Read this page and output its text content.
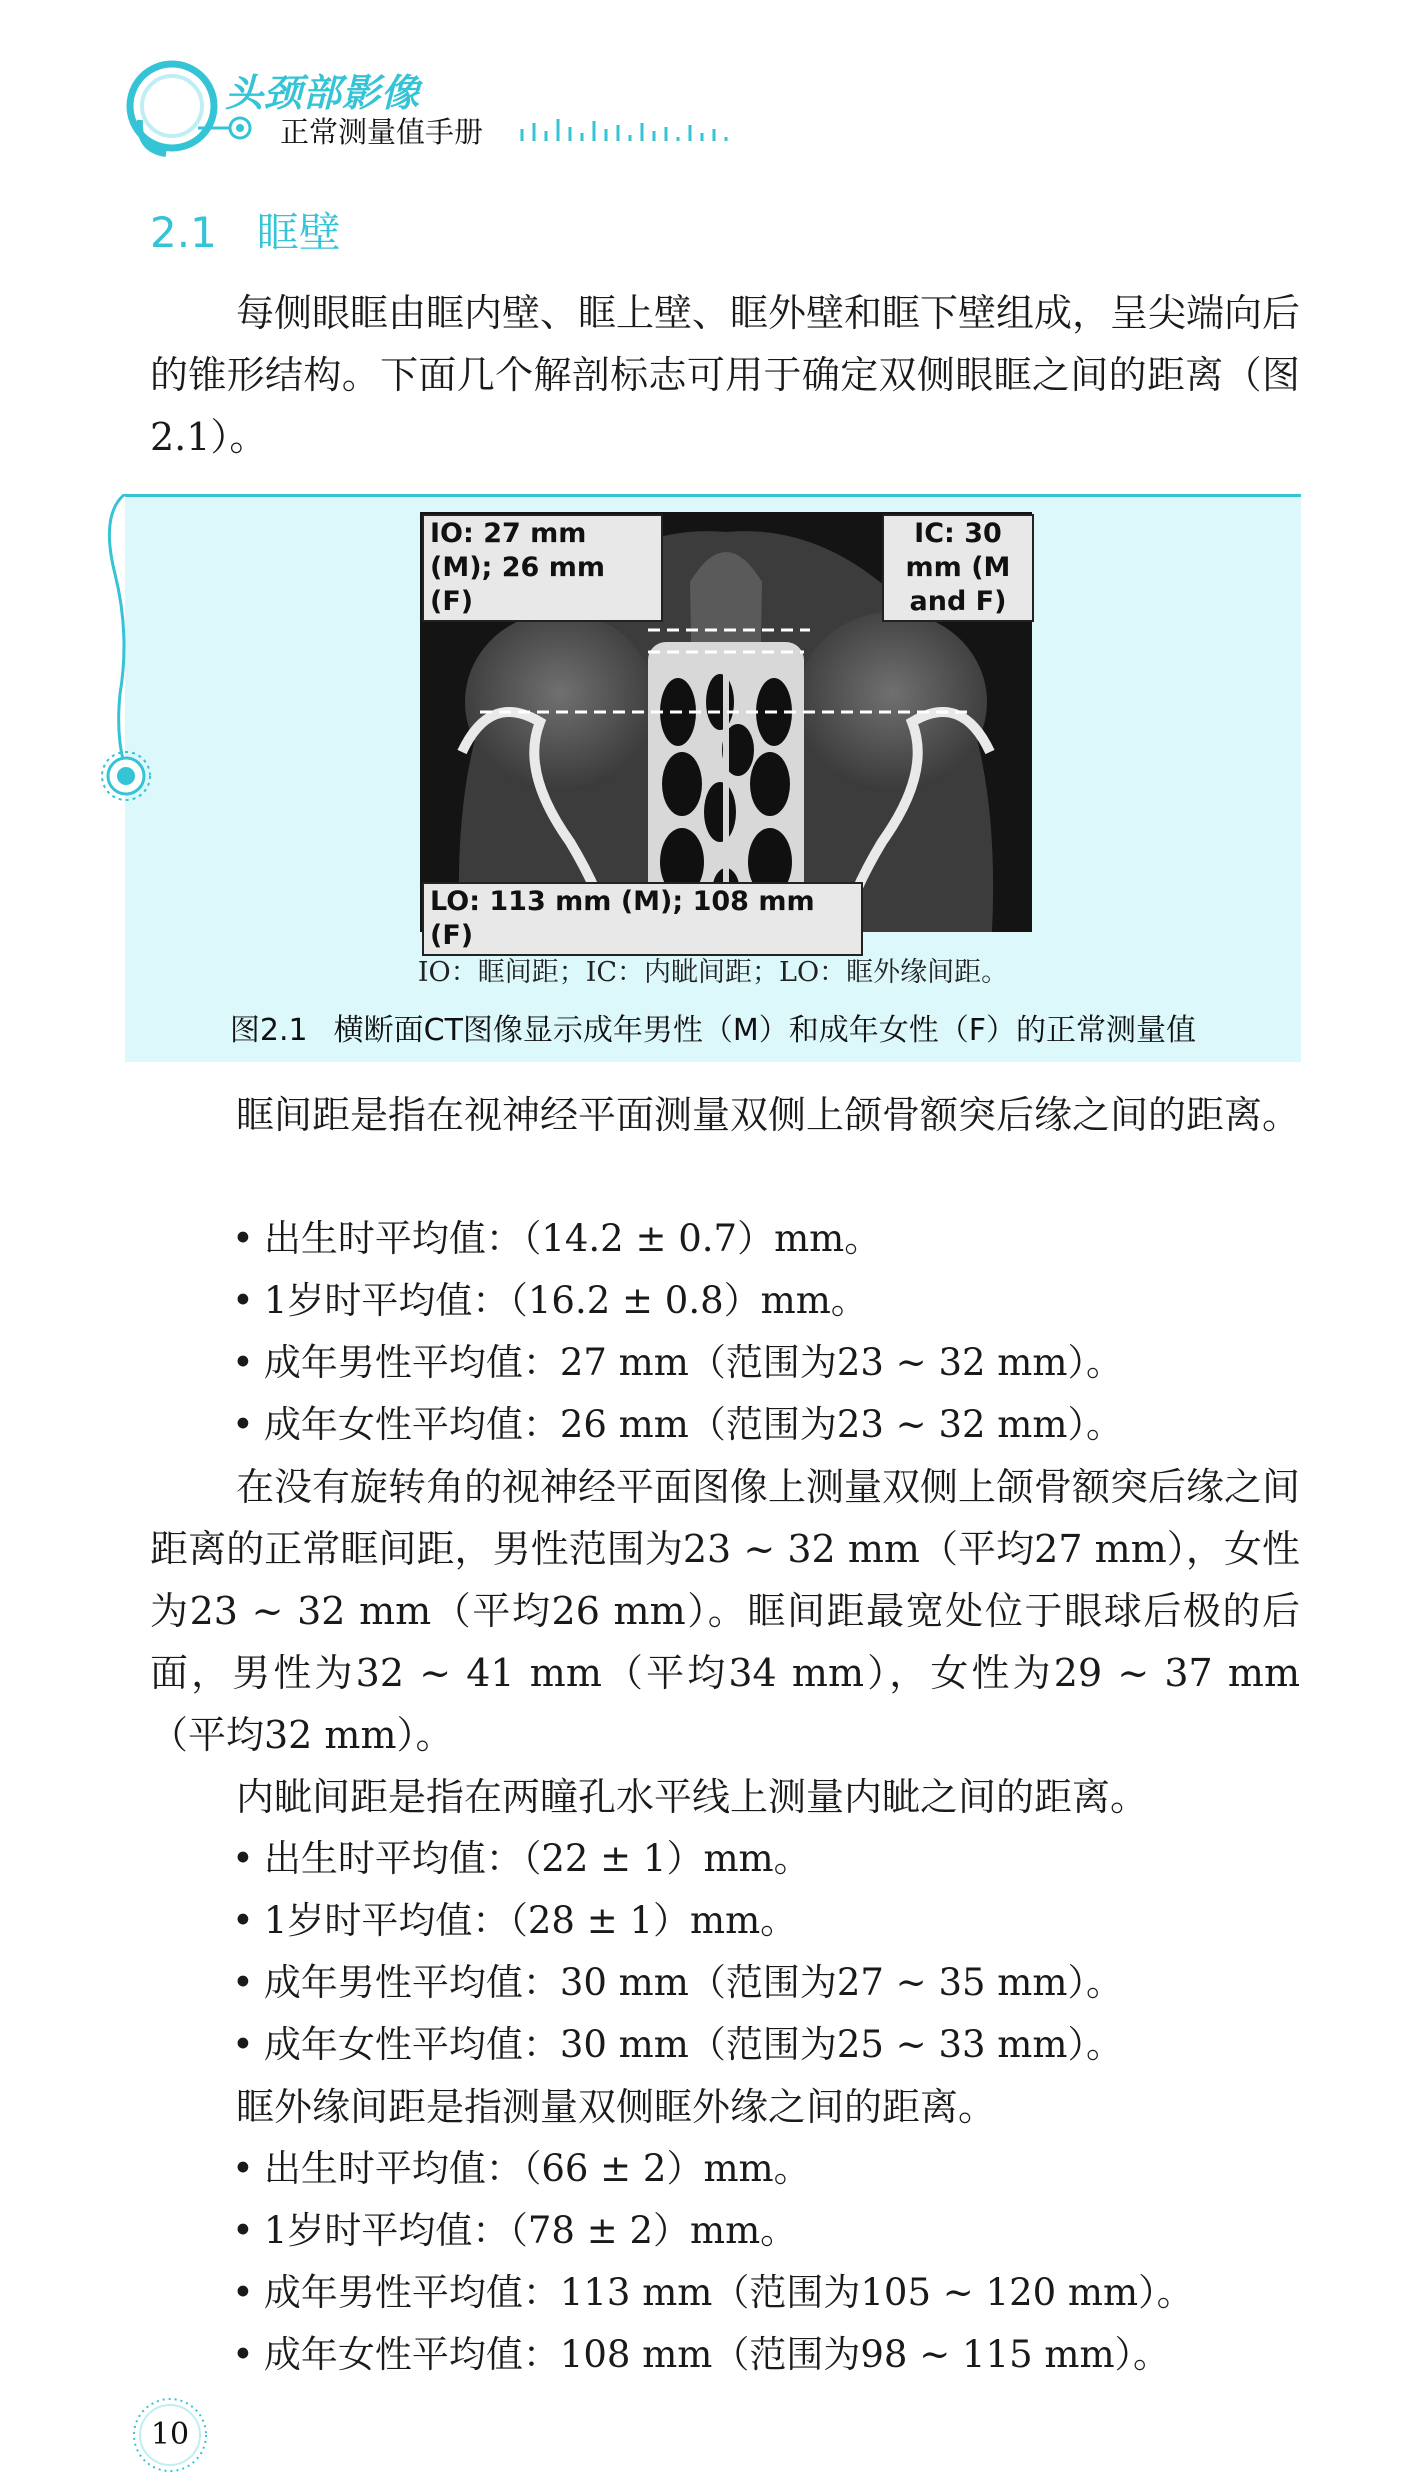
头颈部影像

正常测量值手册

2.1 眶壁

每侧眼眶由眶内壁、眶上壁、眶外壁和眶下壁组成，呈尖端向后的锥形结构。下面几个解剖标志可用于确定双侧眼眶之间的距离（图2.1）。

IO: 27 mm (M); 26 mm (F)
IC: 30 mm (M and F)
LO: 113 mm (M); 108 mm (F)

IO：眶间距；IC：内眦间距；LO：眶外缘间距。

图2.1 横断面CT图像显示成年男性（M）和成年女性（F）的正常测量值

眶间距是指在视神经平面测量双侧上颌骨额突后缘之间的距离。

• 出生时平均值：（14.2 ± 0.7）mm。
• 1岁时平均值：（16.2 ± 0.8）mm。
• 成年男性平均值：27 mm（范围为23 ~ 32 mm）。
• 成年女性平均值：26 mm（范围为23 ~ 32 mm）。

在没有旋转角的视神经平面图像上测量双侧上颌骨额突后缘之间距离的正常眶间距，男性范围为23 ~ 32 mm（平均27 mm），女性为23 ~ 32 mm（平均26 mm）。眶间距最宽处位于眼球后极的后面，男性为32 ~ 41 mm（平均34 mm），女性为29 ~ 37 mm（平均32 mm）。

内眦间距是指在两瞳孔水平线上测量内眦之间的距离。

• 出生时平均值：（22 ± 1）mm。
• 1岁时平均值：（28 ± 1）mm。
• 成年男性平均值：30 mm（范围为27 ~ 35 mm）。
• 成年女性平均值：30 mm（范围为25 ~ 33 mm）。

眶外缘间距是指测量双侧眶外缘之间的距离。

• 出生时平均值：（66 ± 2）mm。
• 1岁时平均值：（78 ± 2）mm。
• 成年男性平均值：113 mm（范围为105 ~ 120 mm）。
• 成年女性平均值：108 mm（范围为98 ~ 115 mm）。
10
